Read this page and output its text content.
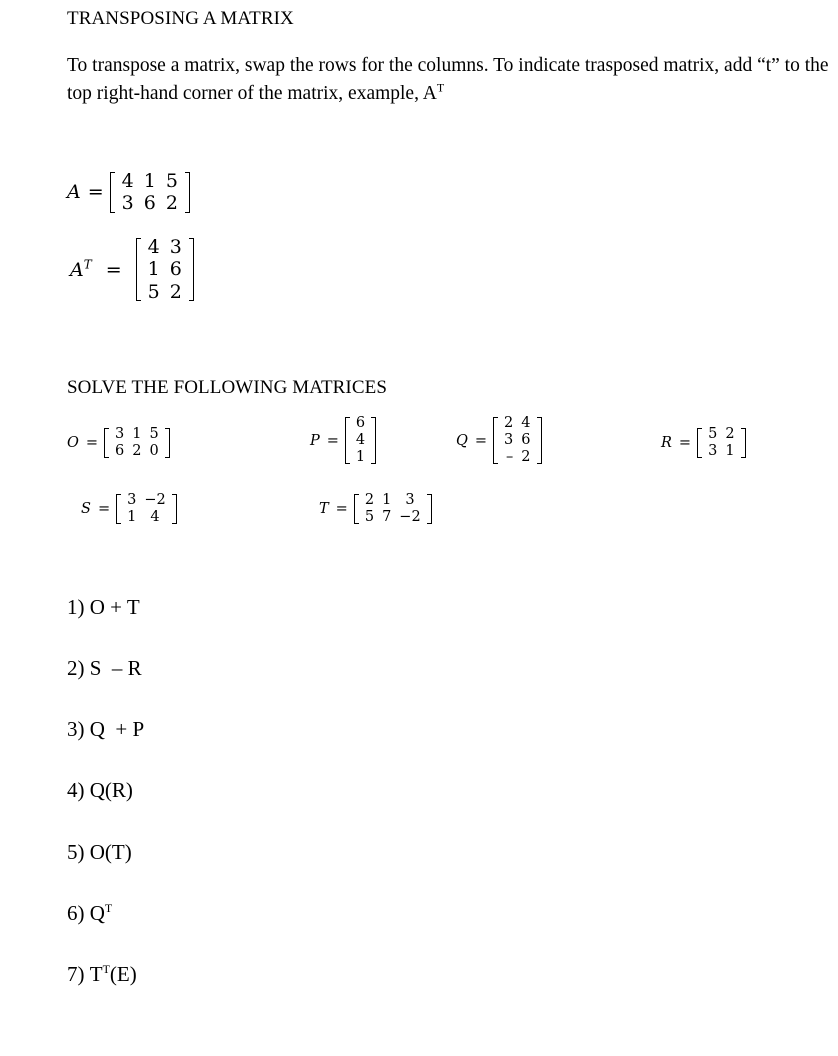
TRANSPOSING A MATRIX
To transpose a matrix, swap the rows for the columns. To indicate trasposed matrix, add “t” to the top right-hand corner of the matrix, example, $A^T$
A =
4 1 5
3 6 2
$A^T$ =
4 3
1 6
5 2
SOLVE THE FOLLOWING MATRICES
O =
3 1 5
6 2 0
P =
6
4
1
Q =
2 4
3 6
– 2
R =
5 2
3 1
S =
3 −2
1 4	T =
2 1 3
5 7 −2
1) O + T
2) S  – R
3) Q  + P
4) Q(R)
5) O(T)
6) $Q^T$
7) $T^T(E)$
